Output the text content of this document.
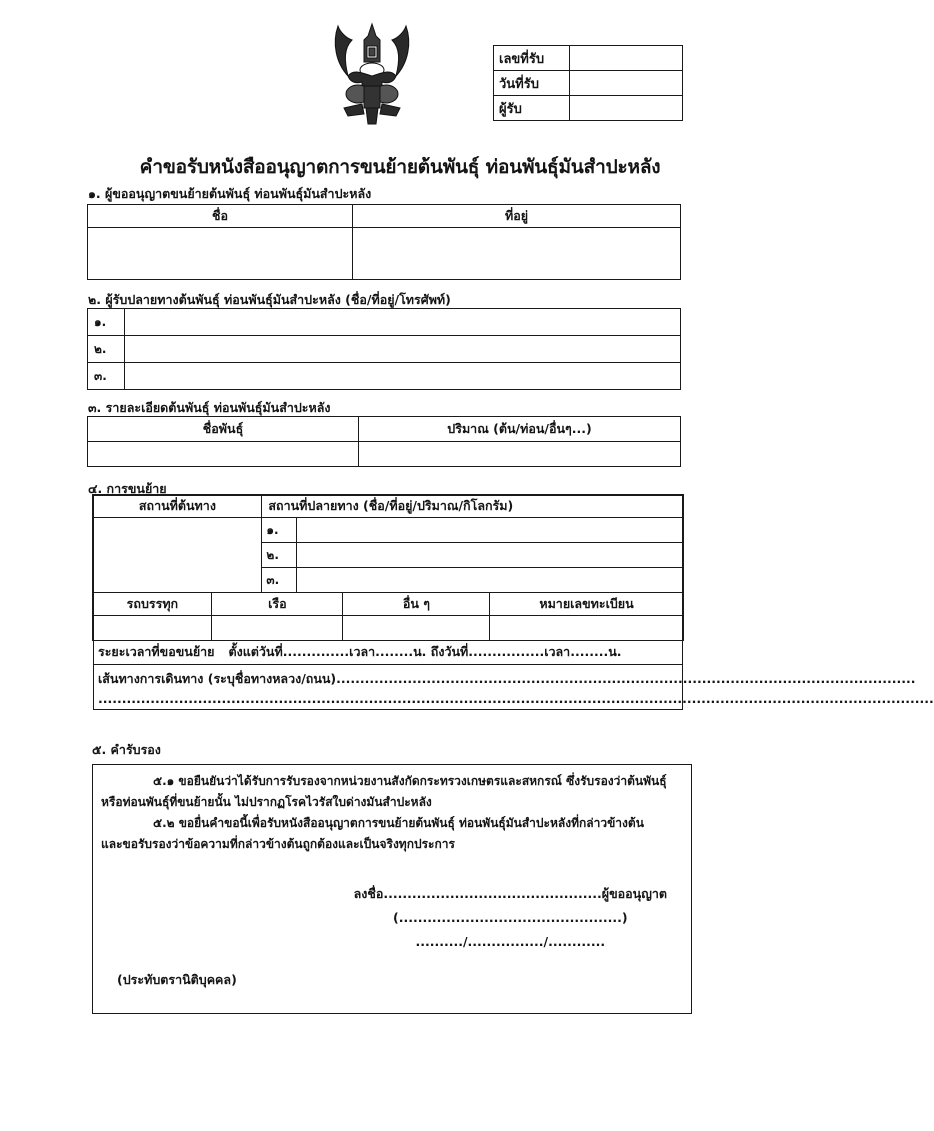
เลขที่รับ	
วันที่รับ	
ผู้รับ	
คำขอรับหนังสืออนุญาตการขนย้ายต้นพันธุ์ ท่อนพันธุ์มันสำปะหลัง
๑. ผู้ขออนุญาตขนย้ายต้นพันธุ์ ท่อนพันธุ์มันสำปะหลัง
ชื่อ	ที่อยู่

๒. ผู้รับปลายทางต้นพันธุ์ ท่อนพันธุ์มันสำปะหลัง (ชื่อ/ที่อยู่/โทรศัพท์)
๑.	
๒.	
๓.	
๓. รายละเอียดต้นพันธุ์ ท่อนพันธุ์มันสำปะหลัง
ชื่อพันธุ์	ปริมาณ (ต้น/ท่อน/อื่นๆ...)

๔. การขนย้าย
สถานที่ต้นทาง	สถานที่ปลายทาง (ชื่อ/ที่อยู่/ปริมาณ/กิโลกรัม)	
	๑.	
	๒.	
	๓.	
รถบรรทุก	เรือ	อื่น ๆ	หมายเลขทะเบียน

ระยะเวลาที่ขอขนย้าย ตั้งแต่วันที่..............เวลา........น. ถึงวันที่................เวลา........น.
เส้นทางการเดินทาง (ระบุชื่อทางหลวง/ถนน)..........................................................................................................................
................................................................................................................................................................................
๕. คำรับรอง

๕.๑ ขอยืนยันว่าได้รับการรับรองจากหน่วยงานสังกัดกระทรวงเกษตรและสหกรณ์ ซึ่งรับรองว่าต้นพันธุ์

หรือท่อนพันธุ์ที่ขนย้ายนั้น ไม่ปรากฏโรคไวรัสใบด่างมันสำปะหลัง

๕.๒ ขอยื่นคำขอนี้เพื่อรับหนังสืออนุญาตการขนย้ายต้นพันธุ์ ท่อนพันธุ์มันสำปะหลังที่กล่าวข้างต้น

และขอรับรองว่าข้อความที่กล่าวข้างต้นถูกต้องและเป็นจริงทุกประการ

ลงชื่อ..............................................ผู้ขออนุญาต
(...............................................)
........../................/............
(ประทับตรานิติบุคคล)
